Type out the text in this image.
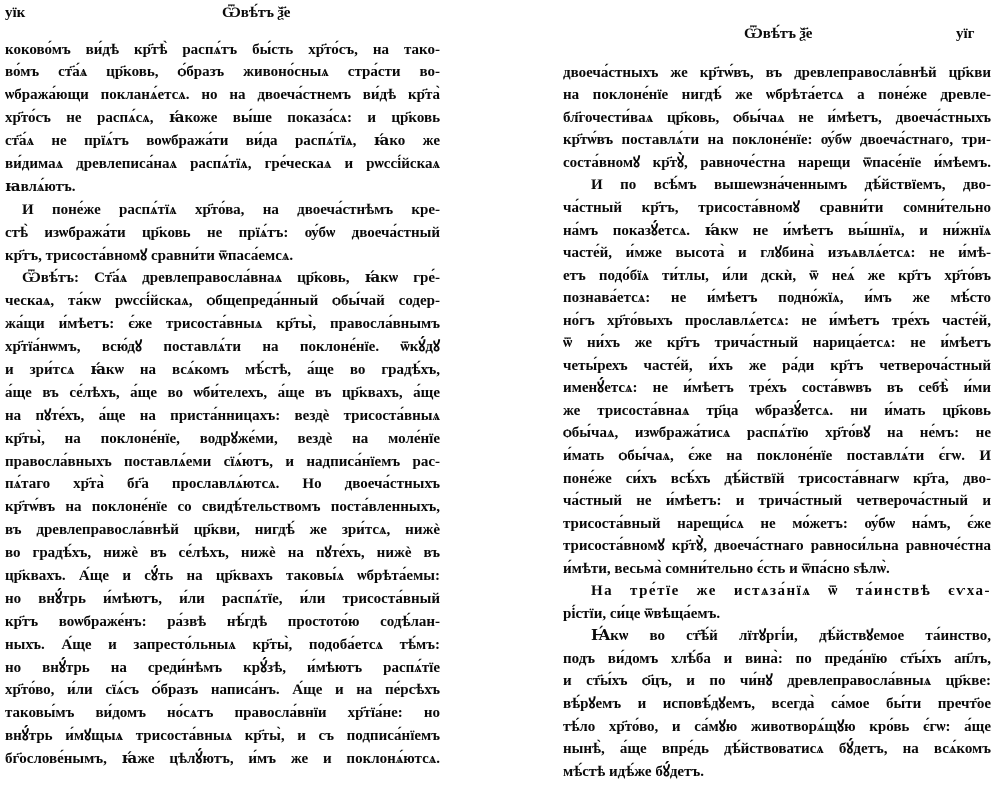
уїк	Ѿвѣ́тъ ѯ҃е
коково́мъ ви́дѣ кр҃тѣ̀ распѧ́тъ бы́сть хр҃то́съ, на тако-
во́мъ ст҃а́ѧ цр҃ковь, ѻ́бразъ живоно́сныѧ стра́сти во-
ѡбража́ющи покланѧ́етсѧ. но на двоеча́стнемъ ви́дѣ кр҃та̀
хр҃то́съ не распѧ́сѧ, ꙗ́коже вы́ше показа́сѧ: и цр҃ковь
ст҃а́ѧ не прїѧ́тъ воѡбража́ти ви́да распѧ́тїѧ, ꙗ́ко же
ви́димаѧ древлеписа́наѧ распѧ́тїѧ, гре́ческаѧ и рѡссі́йскаѧ
ꙗвлѧ́ютъ.
И поне́же распѧ́тїѧ хр҃то́ва, на двоеча́стнѣмъ кре-
стѣ̀ изѡбража́ти цр҃ковь не прїѧ́тъ: ѹ́бѡ двоеча́стный
кр҃тъ, трисоста́вномꙋ сравни́ти ѿпаса́емсѧ.
Ѿвѣ́тъ: Ст҃а́ѧ древлеправосла́внаѧ цр҃ковь, ꙗ́кѡ гре́-
ческаѧ, та́кѡ рѡссі́йскаѧ, ѻбщепреда́нный ѻбы́чай содер-
жа́щи и́мѣетъ: є́же трисоста́вныѧ кр҃ты̀, правосла́внымъ
хр҃тїа́нѡмъ, всю́дꙋ поставлѧ́ти на поклоне́нїе. ѿкꙋ́дꙋ
и зри́тсѧ ꙗ́кѡ на всѧ́комъ мѣ́стѣ, а́ще во градѣ́хъ,
а́ще въ се́лѣхъ, а́ще во ѡби́телехъ, а́ще въ цр҃квахъ, а́ще
на пꙋте́хъ, а́ще на приста́нницахъ: вездѐ трисоста́вныѧ
кр҃ты̀, на поклоне́нїе, водрꙋже́ми, вездѐ на моле́нїе
правосла́вныхъ поставлѧ́еми сїѧ́ютъ, и надписа́нїемъ рас-
пѧ́таго хр҃та̀ бг҃а прославлѧ́ютсѧ. Но двоеча́стныхъ
кр҃тѡ́въ на поклоне́нїе со свидѣ́тельствомъ поста́вленныхъ,
въ древлеправосла́внѣй цр҃кви, нигдѣ́ же зри́тсѧ, нижѐ
во градѣ́хъ, нижѐ въ се́лѣхъ, нижѐ на пꙋте́хъ, нижѐ въ
цр҃квахъ. А́ще и сꙋ́ть на цр҃квахъ таковы́ѧ ѡбрѣта́емы:
но внꙋ́трь и́мѣютъ, и́ли распѧ́тїе, и́ли трисоста́вный
кр҃тъ воѡбраже́нъ: ра́звѣ нѣ́гдѣ простото́ю содѣ́лан-
ныхъ. А́ще и запресто́льныѧ кр҃ты̀, подоба́етсѧ тѣ́мъ:
но внꙋ́трь на среди́нѣмъ крꙋ́зѣ, и́мѣютъ распѧ́тїе
хр҃то́во, и́ли сїѧ́съ ѻ́бразъ написа́нъ. А́ще и на пе́рсѣхъ
таковы́мъ ви́домъ но́сѧтъ правосла́внїи хр҃тїа́не: но
внꙋ́трь и́мꙋщыѧ трисоста́вныѧ кр҃ты̀, и съ подписа́нїемъ
бг҃ослове́нымъ, ꙗ́же цѣлꙋ́ютъ, и́мъ же и поклонѧ́ютсѧ.
Ѿвѣ́тъ ѯ҃е	уїг
двоеча́стныхъ же кр҃тѡ́въ, въ древлеправосла́внѣй цр҃кви
на поклоне́нїе нигдѣ́ же ѡбрѣта́етсѧ а поне́же древле-
бл҃гочести́ваѧ цр҃ковь, ѻбы́чаѧ не и́мѣетъ, двоеча́стныхъ
кр҃тѡ́въ поставлѧ́ти на поклоне́нїе: ѹ́бѡ двоеча́стнаго, три-
соста́вномꙋ кр҃тꙋ̀, равноче́стна нарещи ѿпасе́нїе и́мѣемъ.
И по всѣ́мъ вышеѡзна́ченнымъ дѣ́йствїемъ, дво-
ча́стный кр҃тъ, трисоста́вномꙋ сравни́ти сомни́тельно
на́мъ показꙋ́етсѧ. ꙗ́кѡ не и́мѣетъ вы́шнїѧ, и ни́жнїѧ
часте́й, и́мже высота̀ и глꙋбина̀ изъѧвлѧ́етсѧ: не и́мѣ-
етъ подо́бїѧ ти́тлы, и́ли дскѝ, ѿ неѧ́ же кр҃тъ хр҃то́въ
познава́етсѧ: не и́мѣетъ подно́жїѧ, и́мъ же мѣ́сто
но́гъ хр҃то́выхъ прославлѧ́етсѧ: не и́мѣетъ тре́хъ часте́й,
ѿ ни́хъ же кр҃тъ трича́стный нарица́етсѧ: не и́мѣетъ
четы́рехъ часте́й, и́хъ же ра́ди кр҃тъ четвероча́стный
именꙋ́етсѧ: не и́мѣетъ тре́хъ соста́вѡвъ въ себѣ̀ и́ми
же трисоста́внаѧ тр҃ца ѡбразꙋ́етсѧ. ни и́мать цр҃ковь
ѻбы́чаѧ, изѡбража́тисѧ распѧ́тїю хр҃то́вꙋ на не́мъ: не
и́мать ѻбы́чаѧ, є́же на поклоне́нїе поставлѧ́ти є́гѡ. И
поне́же си́хъ всѣ́хъ дѣ́йствїй трисоста́внагѡ кр҃та, дво-
ча́стный не и́мѣетъ: и трича́стный четвероча́стный и
трисоста́вный нарещи́сѧ не мо́жетъ: ѹ́бѡ на́мъ, є́же
трисоста́вномꙋ кр҃тꙋ̀, двоеча́стнаго равноси́льна равноче́стна
и́мѣти, весьма̀ сомни́тельно є́сть и ѿпа́сно ѕѣлѡ̀.
На тре́тїе же истѧза́нїѧ ѿ та́инствѣ єѵха-
рі́стїи, си́це ѿвѣща́емъ.
Ꙗ́кѡ во ст҃ѣ́й лїтꙋргі́и, дѣ́йствꙋемое та́инство,
подъ ви́домъ хлѣ́ба и вина̀: по преда́нїю ст҃ы́хъ ап҃лъ,
и ст҃ы́хъ ѻ҃цъ, и по чи́нꙋ древлеправосла́вныѧ цр҃кве:
вѣ́рꙋемъ и исповѣ́дꙋемъ, всегда̀ са́мое бы́ти пречт҃ое
тѣ́ло хр҃то́во, и са́мꙋю животворѧ́щꙋю кро́вь є́гѡ: а́ще
нынѣ̀, а́ще впре́дь дѣ́йствоватисѧ бꙋ́детъ, на всѧ́комъ
мѣ́стѣ идѣ́же бꙋ́детъ.
